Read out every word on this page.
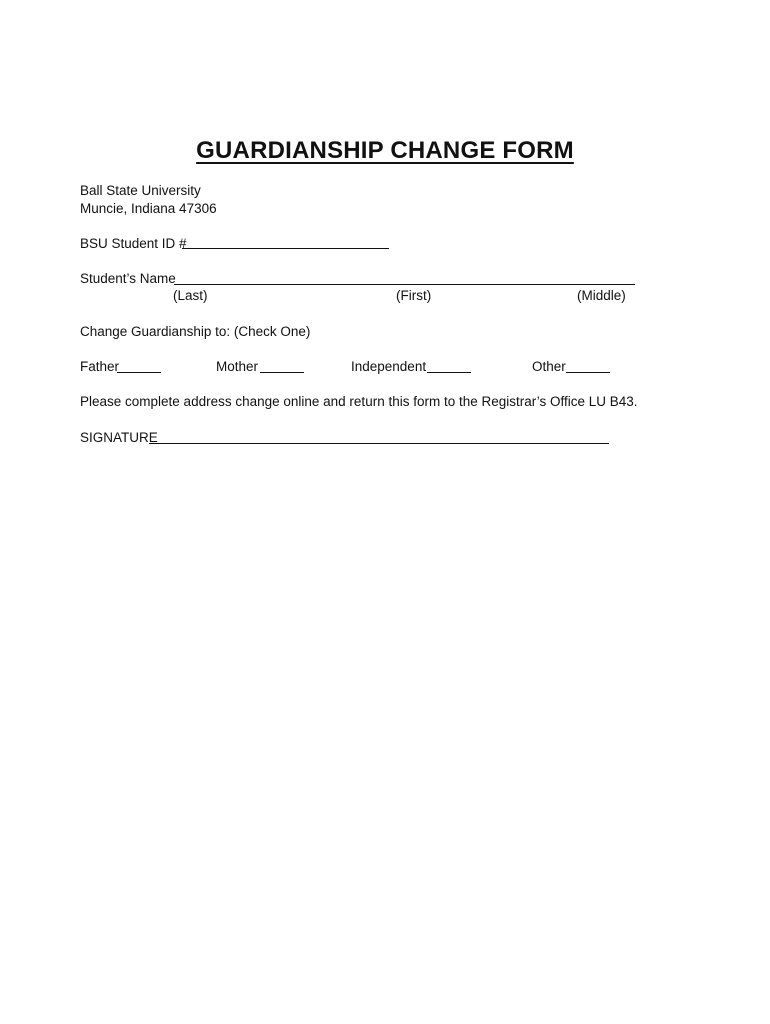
GUARDIANSHIP CHANGE FORM
Ball State University
Muncie, Indiana 47306
BSU Student ID #
Student’s Name
(Last)	(First)	(Middle)
Change Guardianship to: (Check One)
Father	Mother	Independent	Other
Please complete address change online and return this form to the Registrar’s Office LU B43.
SIGNATURE
